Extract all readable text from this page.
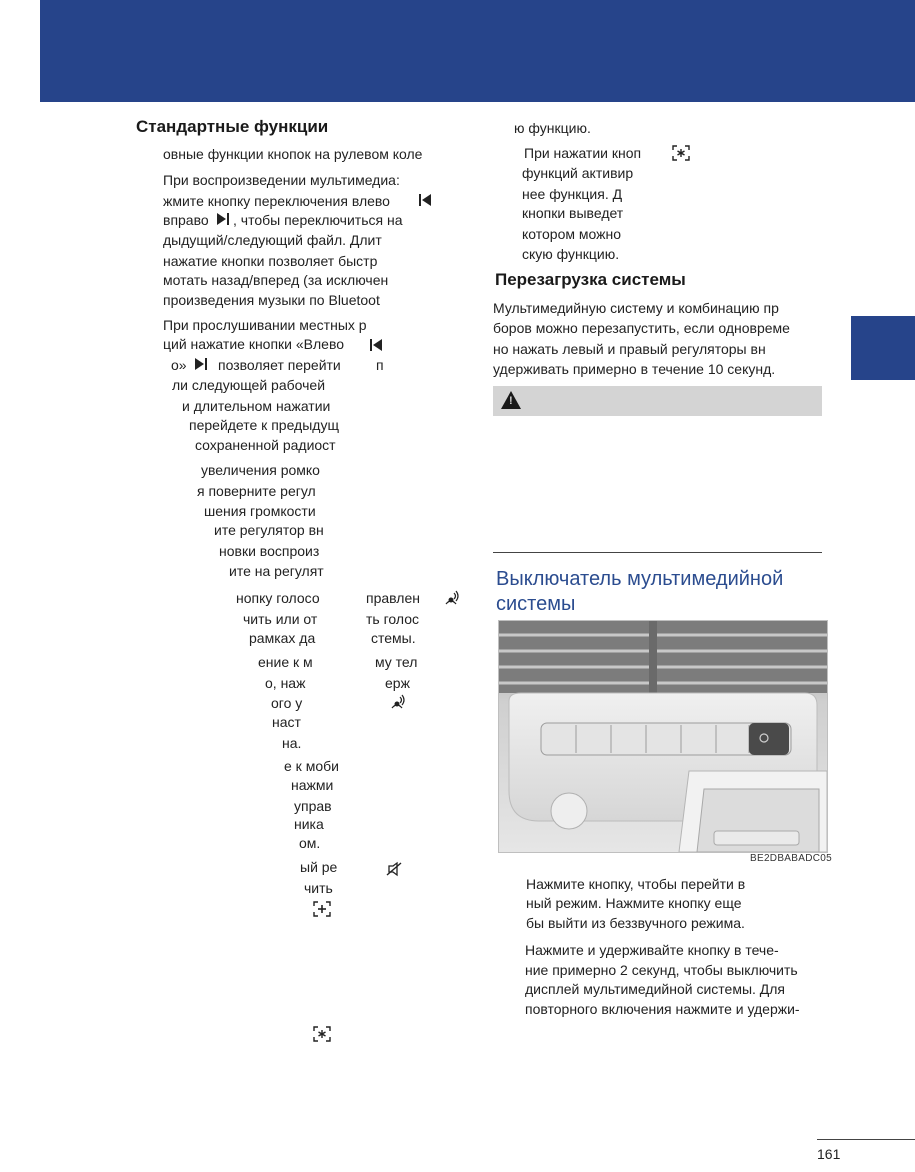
Стандартные функции
овные функции кнопок на рулевом коле
При воспроизведении мультимедиа:
жмите кнопку переключения влево
вправо , чтобы переключиться на
дыдущий/следующий файл. Длит
нажатие кнопки позволяет быстр
мотать назад/вперед (за исключен
произведения музыки по Bluetoot
При прослушивании местных р
ций нажатие кнопки «Влево
о» позволяет перейти	п
ли следующей рабочей
и длительном нажатии
перейдете к предыдущ
сохраненной радиост
увеличения ромко
я поверните регул
шения громкости
ите регулятор вн
новки воспроиз
ите на регулят
нопку голосо
чить или от
рамках да
правлен
ть голос
стемы.
ение к м
о, наж
ого у
наст
на.
му тел
ерж
е к моби
нажми
управ
ника
ом.
ый ре
чить
ю функцию.
При нажатии кноп
функций активир
нее функция. Д
кнопки выведет
котором можно
скую функцию.
Перезагрузка системы
Мультимедийную систему и комбинацию пр
боров можно перезапустить, если одновреме
но нажать левый и правый регуляторы вн
удерживать примерно в течение 10 секунд.
!
Выключатель мультимедийной
системы
BE2DBABADC05
Нажмите кнопку, чтобы перейти в
ный режим. Нажмите кнопку еще
бы выйти из беззвучного режима.
Нажмите и удерживайте кнопку в тече-
ние примерно 2 секунд, чтобы выключить
дисплей мультимедийной системы. Для
повторного включения нажмите и удержи-
161
